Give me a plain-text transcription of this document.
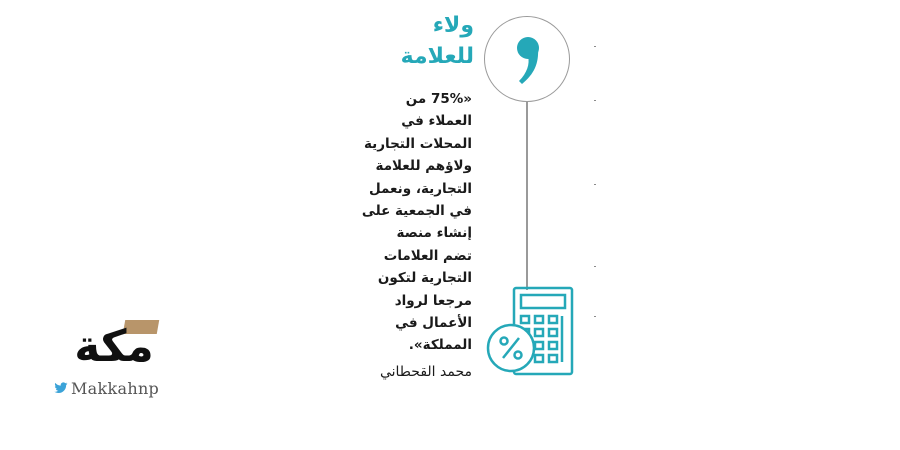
مكة
Makkahnp
ولاء
للعلامة
«75% من
العملاء في
المحلات التجارية
ولاؤهم للعلامة
التجارية، ونعمل
في الجمعية على
إنشاء منصة
تضم العلامات
التجارية لتكون
مرجعا لرواد
الأعمال في
المملكة».
محمد القحطاني
